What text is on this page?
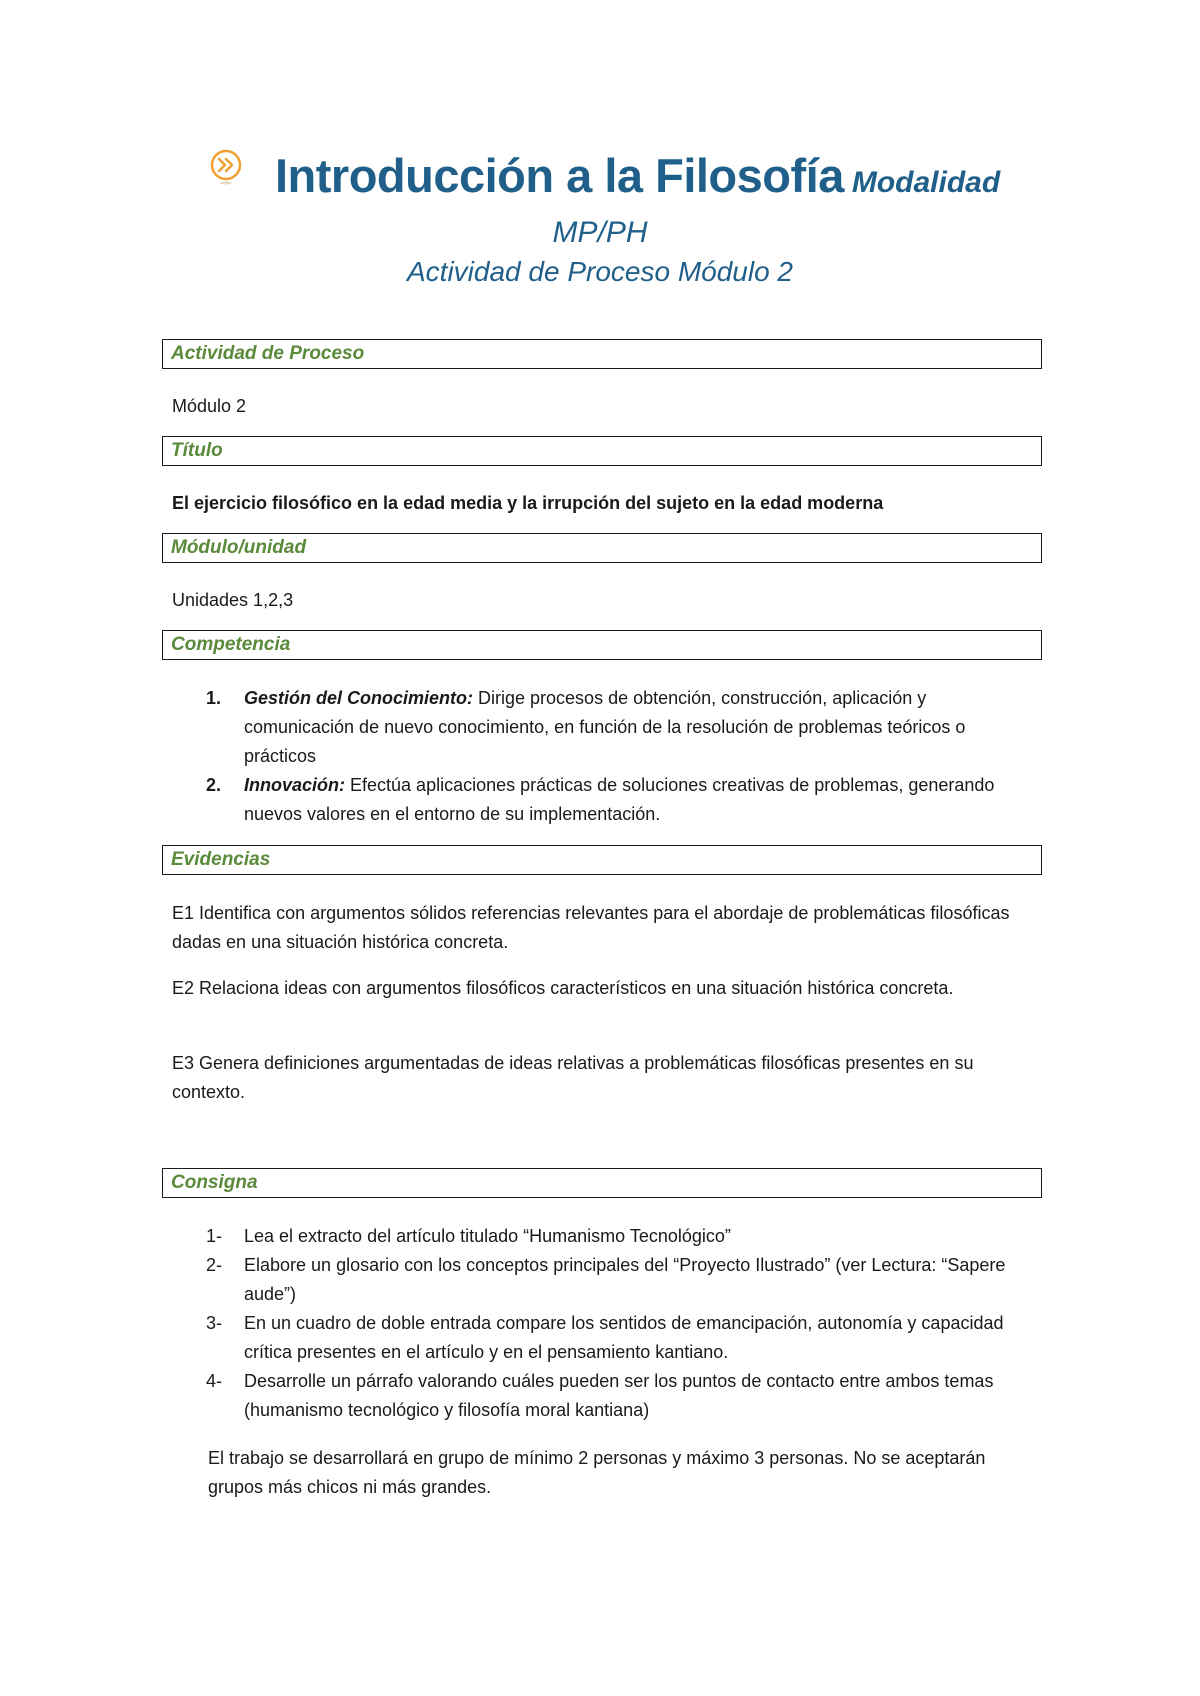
Introducción a la Filosofía Modalidad
MP/PH
Actividad de Proceso Módulo 2
Actividad de Proceso
Módulo 2
Título
El ejercicio filosófico en la edad media y la irrupción del sujeto en la edad moderna
Módulo/unidad
Unidades 1,2,3
Competencia
1. Gestión del Conocimiento: Dirige procesos de obtención, construcción, aplicación y comunicación de nuevo conocimiento, en función de la resolución de problemas teóricos o prácticos
2. Innovación: Efectúa aplicaciones prácticas de soluciones creativas de problemas, generando nuevos valores en el entorno de su implementación.
Evidencias
E1 Identifica con argumentos sólidos referencias relevantes para el abordaje de problemáticas filosóficas dadas en una situación histórica concreta.
E2 Relaciona ideas con argumentos filosóficos característicos en una situación histórica concreta.
E3 Genera definiciones argumentadas de ideas relativas a problemáticas filosóficas presentes en su contexto.
Consigna
1- Lea el extracto del artículo titulado “Humanismo Tecnológico”
2- Elabore un glosario con los conceptos principales del “Proyecto Ilustrado” (ver Lectura: “Sapere aude”)
3- En un cuadro de doble entrada compare los sentidos de emancipación, autonomía y capacidad crítica presentes en el artículo y en el pensamiento kantiano.
4- Desarrolle un párrafo valorando cuáles pueden ser los puntos de contacto entre ambos temas (humanismo tecnológico y filosofía moral kantiana)
El trabajo se desarrollará en grupo de mínimo 2 personas y máximo 3 personas. No se aceptarán grupos más chicos ni más grandes.
